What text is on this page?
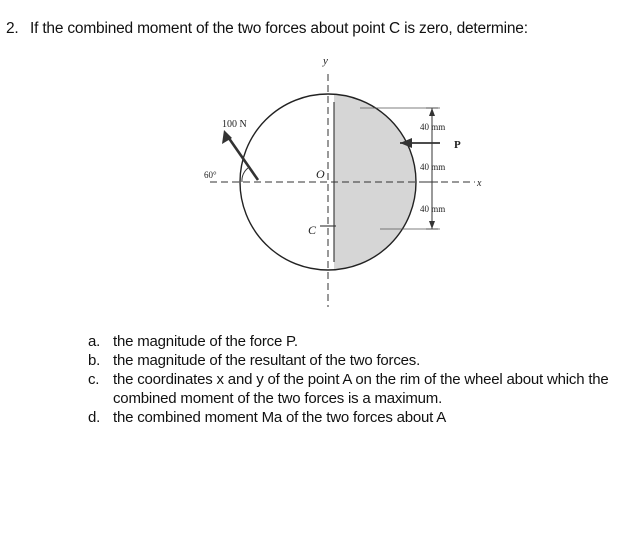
2. If the combined moment of the two forces about point C is zero, determine:
100 N
60°	O
C
y
x
P
40 mm
40 mm
40 mm
a. the magnitude of the force P.
b. the magnitude of the resultant of the two forces.
c. the coordinates x and y of the point A on the rim of the wheel about which the combined moment of the two forces is a maximum.
d. the combined moment Ma of the two forces about A
